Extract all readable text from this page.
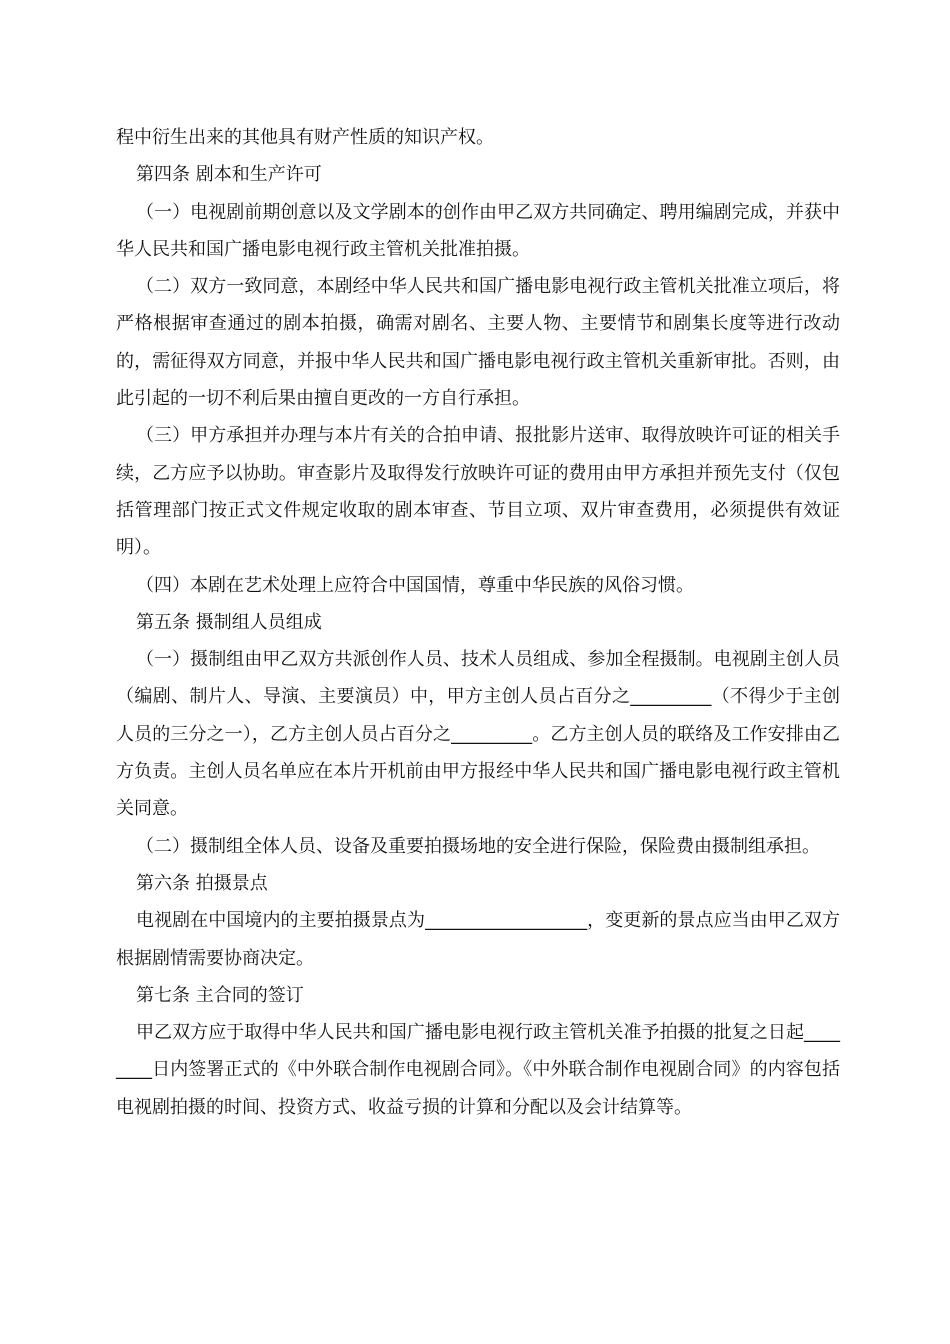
程中衍生出来的其他具有财产性质的知识产权。

第四条 剧本和生产许可

（一）电视剧前期创意以及文学剧本的创作由甲乙双方共同确定、聘用编剧完成，并获中华人民共和国广播电影电视行政主管机关批准拍摄。

（二）双方一致同意，本剧经中华人民共和国广播电影电视行政主管机关批准立项后，将严格根据审查通过的剧本拍摄，确需对剧名、主要人物、主要情节和剧集长度等进行改动的，需征得双方同意，并报中华人民共和国广播电影电视行政主管机关重新审批。否则，由此引起的一切不利后果由擅自更改的一方自行承担。

（三）甲方承担并办理与本片有关的合拍申请、报批影片送审、取得放映许可证的相关手续，乙方应予以协助。审查影片及取得发行放映许可证的费用由甲方承担并预先支付（仅包括管理部门按正式文件规定收取的剧本审查、节目立项、双片审查费用，必须提供有效证明）。

（四）本剧在艺术处理上应符合中国国情，尊重中华民族的风俗习惯。

第五条 摄制组人员组成

（一）摄制组由甲乙双方共派创作人员、技术人员组成、参加全程摄制。电视剧主创人员（编剧、制片人、导演、主要演员）中，甲方主创人员占百分之_________（不得少于主创人员的三分之一），乙方主创人员占百分之_________。乙方主创人员的联络及工作安排由乙方负责。主创人员名单应在本片开机前由甲方报经中华人民共和国广播电影电视行政主管机关同意。

（二）摄制组全体人员、设备及重要拍摄场地的安全进行保险，保险费由摄制组承担。

第六条 拍摄景点

电视剧在中国境内的主要拍摄景点为__________________，变更新的景点应当由甲乙双方根据剧情需要协商决定。

第七条 主合同的签订

甲乙双方应于取得中华人民共和国广播电影电视行政主管机关准予拍摄的批复之日起________日内签署正式的《中外联合制作电视剧合同》。《中外联合制作电视剧合同》的内容包括电视剧拍摄的时间、投资方式、收益亏损的计算和分配以及会计结算等。
